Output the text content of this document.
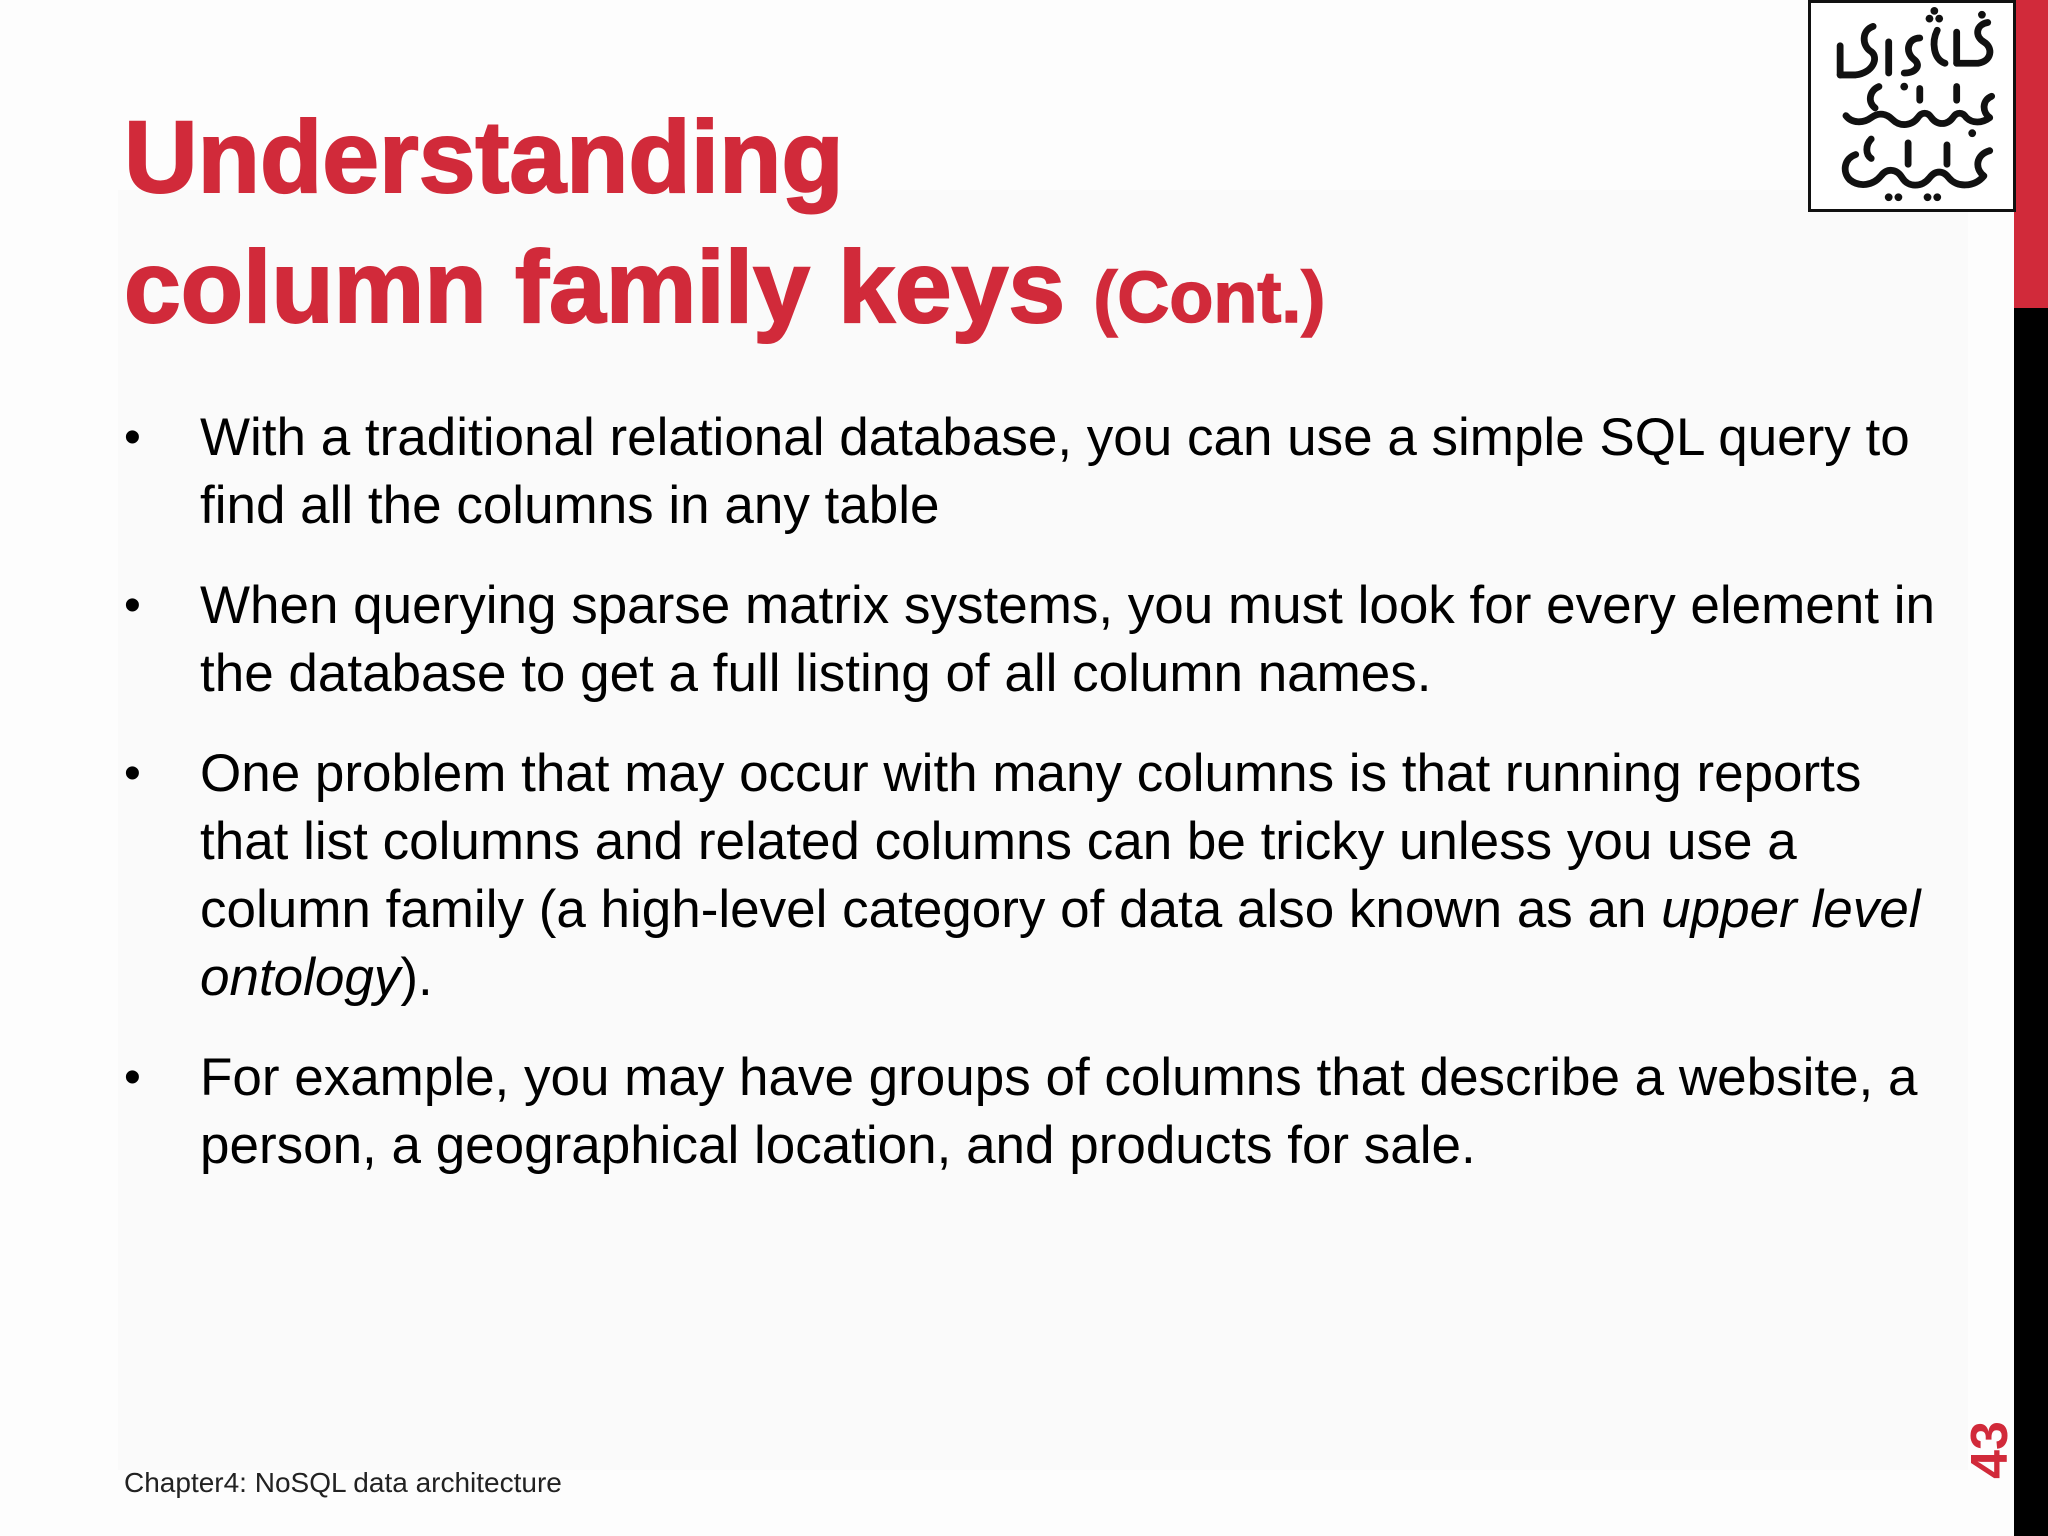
Understanding
column family keys (Cont.)
• With a traditional relational database, you can use a simple SQL query to find all the columns in any table
• When querying sparse matrix systems, you must look for every element in the database to get a full listing of all column names.
• One problem that may occur with many columns is that running reports that list columns and related columns can be tricky unless you use a column family (a high-level category of data also known as an upper level ontology).
• For example, you may have groups of columns that describe a website, a person, a geographical location, and products for sale.
43
Chapter4: NoSQL data architecture
